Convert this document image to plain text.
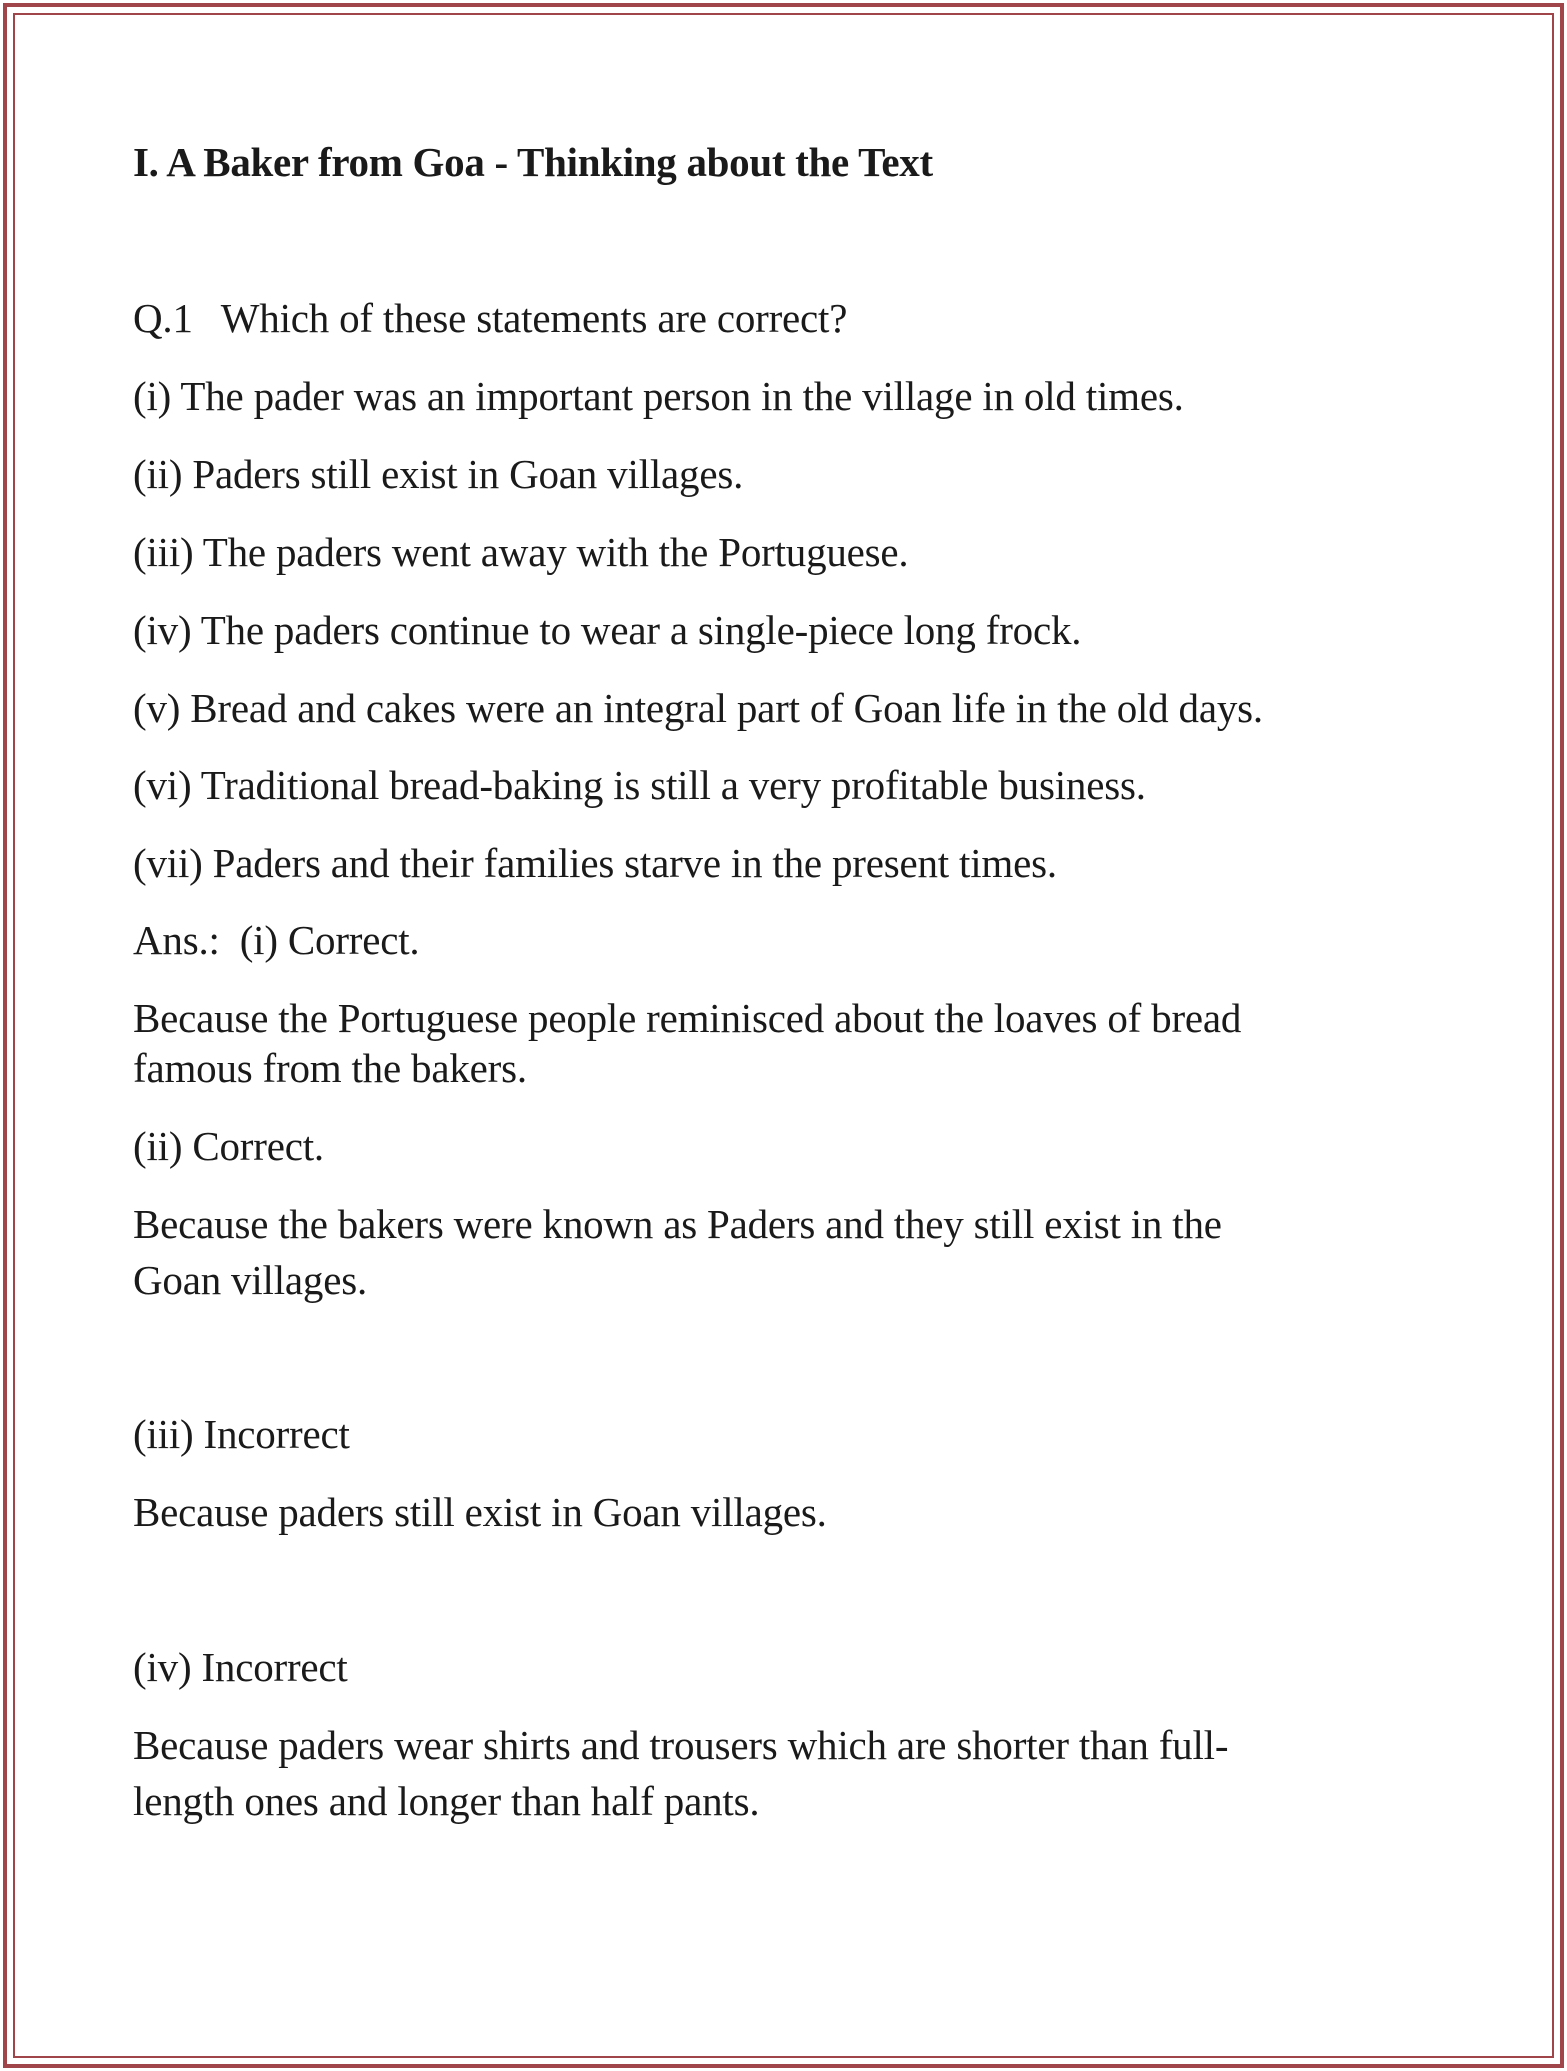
I. A Baker from Goa - Thinking about the Text
Q.1 Which of these statements are correct?
(i) The pader was an important person in the village in old times.
(ii) Paders still exist in Goan villages.
(iii) The paders went away with the Portuguese.
(iv) The paders continue to wear a single-piece long frock.
(v) Bread and cakes were an integral part of Goan life in the old days.
(vi) Traditional bread-baking is still a very profitable business.
(vii) Paders and their families starve in the present times.
Ans.: (i) Correct.
Because the Portuguese people reminisced about the loaves of bread
famous from the bakers.
(ii) Correct.
Because the bakers were known as Paders and they still exist in the
Goan villages.
(iii) Incorrect
Because paders still exist in Goan villages.
(iv) Incorrect
Because paders wear shirts and trousers which are shorter than full-
length ones and longer than half pants.
